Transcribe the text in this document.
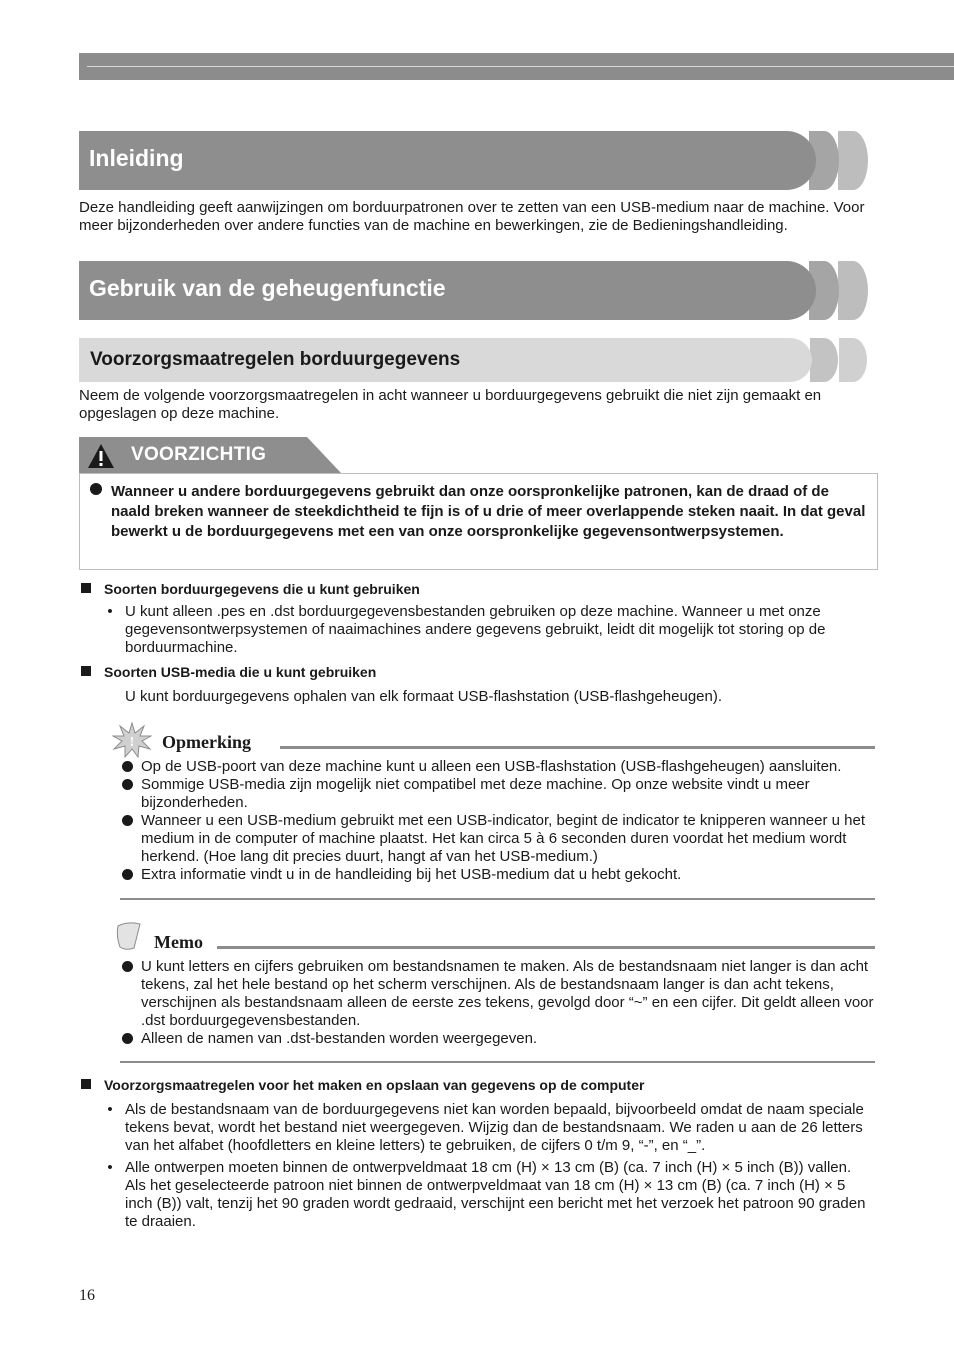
Inleiding
Deze handleiding geeft aanwijzingen om borduurpatronen over te zetten van een USB-medium naar de machine. Voor meer bijzonderheden over andere functies van de machine en bewerkingen, zie de Bedieningshandleiding.
Gebruik van de geheugenfunctie
Voorzorgsmaatregelen borduurgegevens
Neem de volgende voorzorgsmaatregelen in acht wanneer u borduurgegevens gebruikt die niet zijn gemaakt en opgeslagen op deze machine.
VOORZICHTIG
Wanneer u andere borduurgegevens gebruikt dan onze oorspronkelijke patronen, kan de draad of de naald breken wanneer de steekdichtheid te fijn is of u drie of meer overlappende steken naait. In dat geval bewerkt u de borduurgegevens met een van onze oorspronkelijke gegevensontwerpsystemen.
Soorten borduurgegevens die u kunt gebruiken
• U kunt alleen .pes en .dst borduurgegevensbestanden gebruiken op deze machine. Wanneer u met onze gegevensontwerpsystemen of naaimachines andere gegevens gebruikt, leidt dit mogelijk tot storing op de borduurmachine.
Soorten USB-media die u kunt gebruiken
U kunt borduurgegevens ophalen van elk formaat USB-flashstation (USB-flashgeheugen).
! Opmerking
Op de USB-poort van deze machine kunt u alleen een USB-flashstation (USB-flashgeheugen) aansluiten.
Sommige USB-media zijn mogelijk niet compatibel met deze machine. Op onze website vindt u meer bijzonderheden.
Wanneer u een USB-medium gebruikt met een USB-indicator, begint de indicator te knipperen wanneer u het medium in de computer of machine plaatst. Het kan circa 5 à 6 seconden duren voordat het medium wordt herkend. (Hoe lang dit precies duurt, hangt af van het USB-medium.)
Extra informatie vindt u in de handleiding bij het USB-medium dat u hebt gekocht.
Memo
U kunt letters en cijfers gebruiken om bestandsnamen te maken. Als de bestandsnaam niet langer is dan acht tekens, zal het hele bestand op het scherm verschijnen. Als de bestandsnaam langer is dan acht tekens, verschijnen als bestandsnaam alleen de eerste zes tekens, gevolgd door “~” en een cijfer. Dit geldt alleen voor .dst borduurgegevensbestanden.
Alleen de namen van .dst-bestanden worden weergegeven.
Voorzorgsmaatregelen voor het maken en opslaan van gegevens op de computer
• Als de bestandsnaam van de borduurgegevens niet kan worden bepaald, bijvoorbeeld omdat de naam speciale tekens bevat, wordt het bestand niet weergegeven. Wijzig dan de bestandsnaam. We raden u aan de 26 letters van het alfabet (hoofdletters en kleine letters) te gebruiken, de cijfers 0 t/m 9, “-”, en “_”.
• Alle ontwerpen moeten binnen de ontwerpveldmaat 18 cm (H) × 13 cm (B) (ca. 7 inch (H) × 5 inch (B)) vallen.
Als het geselecteerde patroon niet binnen de ontwerpveldmaat van 18 cm (H) × 13 cm (B) (ca. 7 inch (H) × 5 inch (B)) valt, tenzij het 90 graden wordt gedraaid, verschijnt een bericht met het verzoek het patroon 90 graden te draaien.
16
